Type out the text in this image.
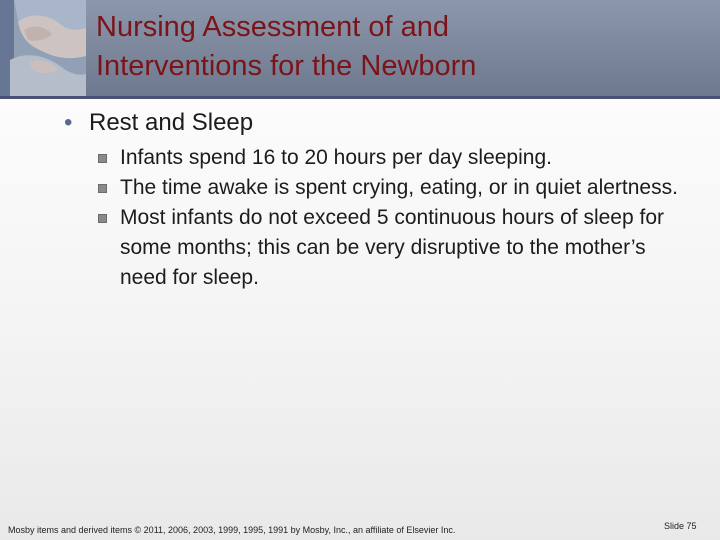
Nursing Assessment of and
Interventions for the Newborn
• Rest and Sleep
Infants spend 16 to 20 hours per day sleeping.
The time awake is spent crying, eating, or in quiet alertness.
Most infants do not exceed 5 continuous hours of sleep for some months; this can be very disruptive to the mother’s need for sleep.
Mosby items and derived items © 2011, 2006, 2003, 1999, 1995, 1991 by Mosby, Inc., an affiliate of Elsevier Inc.	Slide 75
